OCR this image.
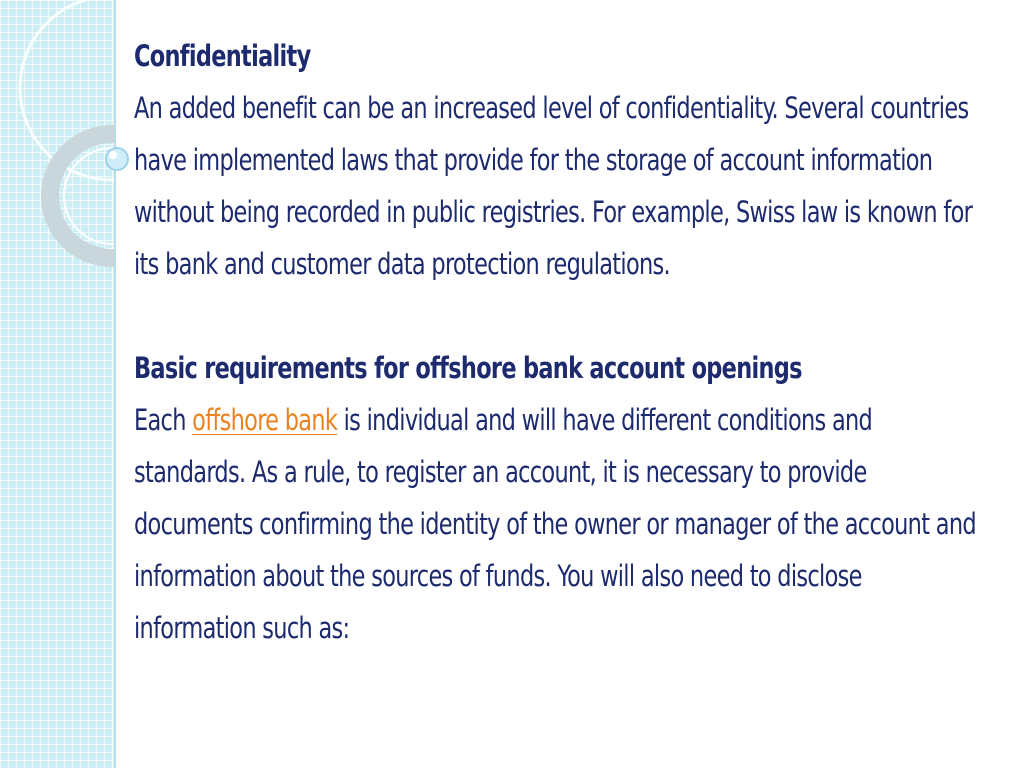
Confidentiality
An added benefit can be an increased level of confidentiality. Several countries have implemented laws that provide for the storage of account information without being recorded in public registries. For example, Swiss law is known for its bank and customer data protection regulations.

Basic requirements for offshore bank account openings
Each offshore bank is individual and will have different conditions and standards. As a rule, to register an account, it is necessary to provide documents confirming the identity of the owner or manager of the account and information about the sources of funds. You will also need to disclose information such as:
